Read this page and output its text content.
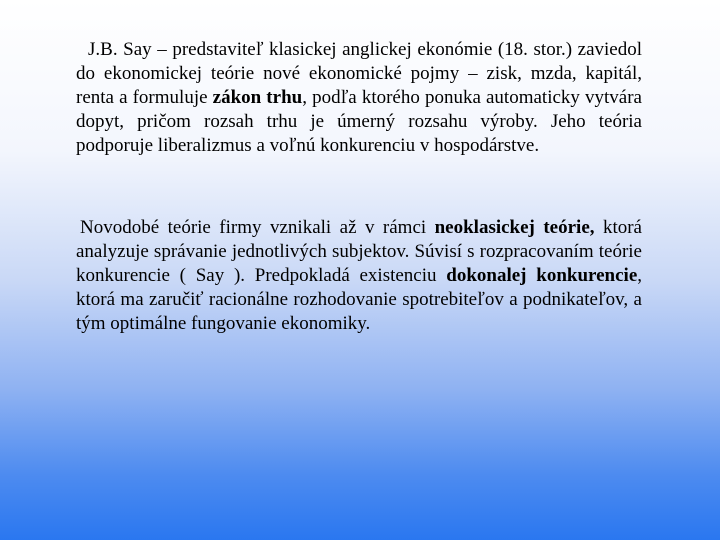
J.B. Say – predstaviteľ klasickej anglickej ekonómie (18. stor.) zaviedol do ekonomickej teórie nové ekonomické pojmy – zisk, mzda, kapitál, renta a formuluje zákon trhu, podľa ktorého ponuka automaticky vytvára dopyt, pričom rozsah trhu je úmerný rozsahu výroby. Jeho teória podporuje liberalizmus a voľnú konkurenciu v hospodárstve.

Novodobé teórie firmy vznikali až v rámci neoklasickej teórie, ktorá analyzuje správanie jednotlivých subjektov. Súvisí s rozpracovaním teórie konkurencie ( Say ). Predpokladá existenciu dokonalej konkurencie, ktorá ma zaručiť racionálne rozhodovanie spotrebiteľov a podnikateľov, a tým optimálne fungovanie ekonomiky.
